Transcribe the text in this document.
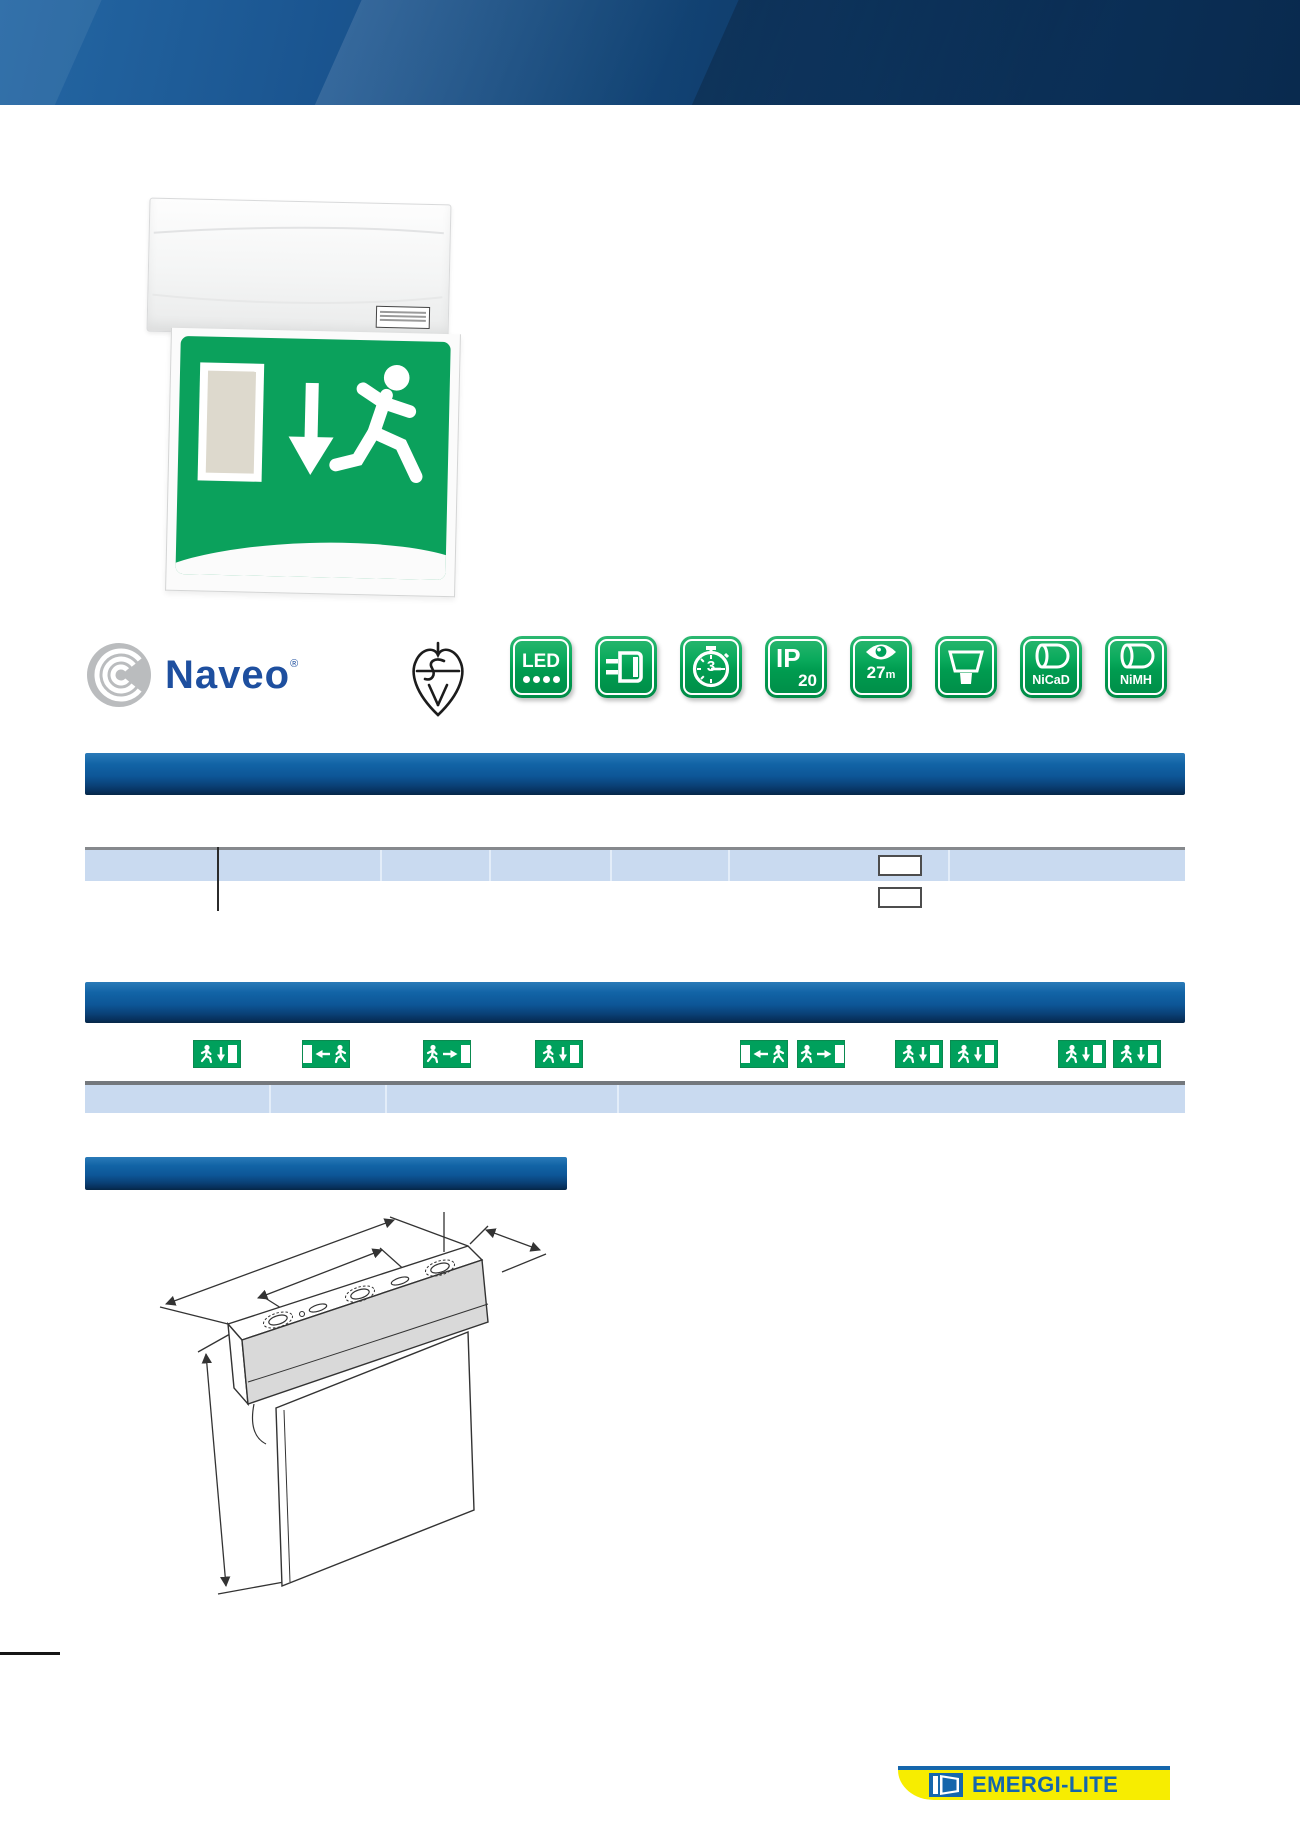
Naveo®	LED	3	IP
20	27m	NiCaD	NiMH
EMERGI-LITE
